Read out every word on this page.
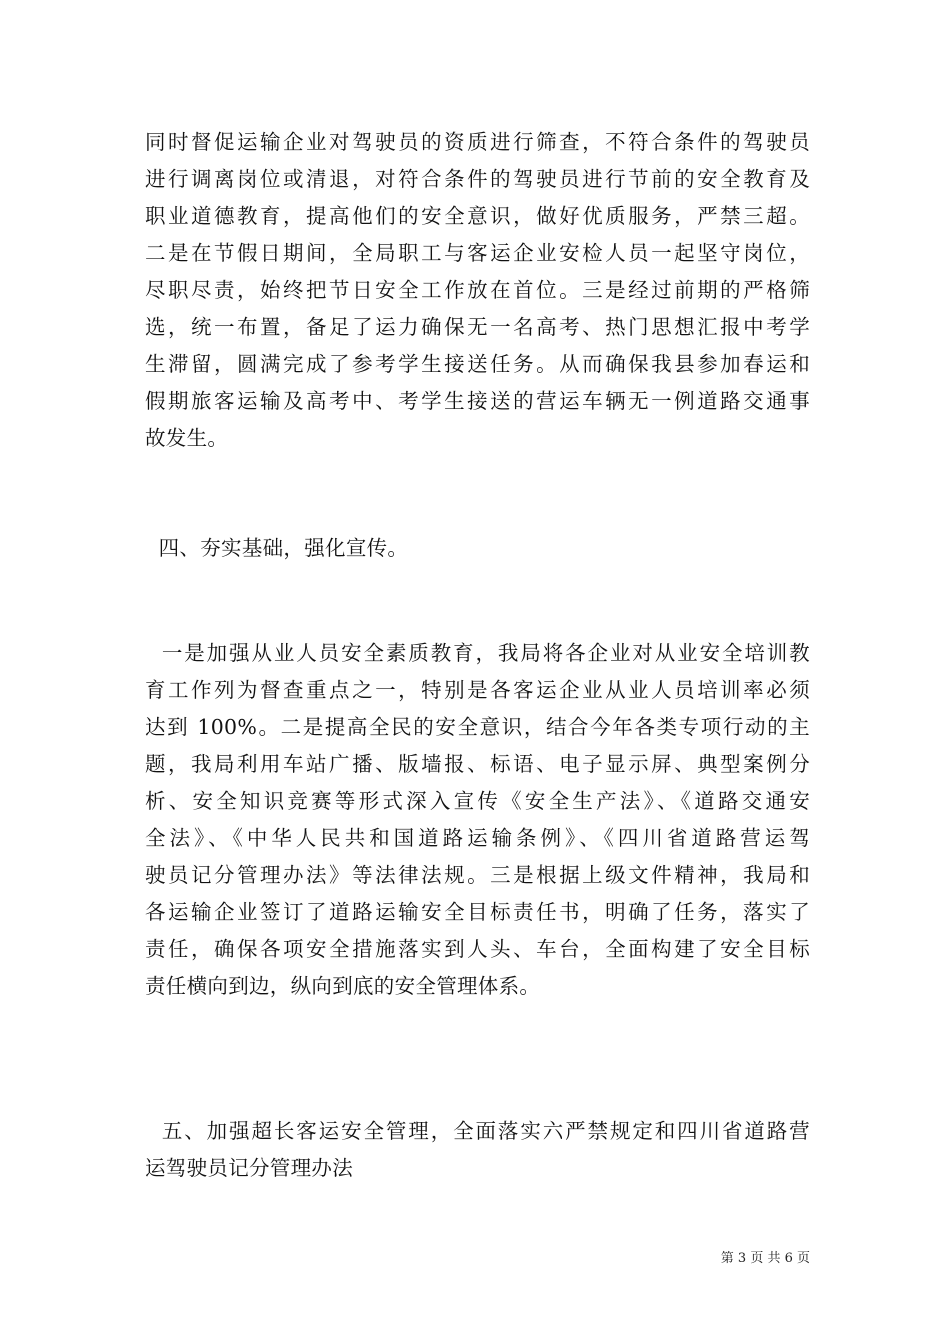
同时督促运输企业对驾驶员的资质进行筛查，不符合条件的驾驶员
进行调离岗位或清退，对符合条件的驾驶员进行节前的安全教育及
职业道德教育，提高他们的安全意识，做好优质服务，严禁三超。
二是在节假日期间，全局职工与客运企业安检人员一起坚守岗位，
尽职尽责，始终把节日安全工作放在首位。三是经过前期的严格筛
选，统一布置，备足了运力确保无一名高考、热门思想汇报中考学
生滞留，圆满完成了参考学生接送任务。从而确保我县参加春运和
假期旅客运输及高考中、考学生接送的营运车辆无一例道路交通事
故发生。
四、夯实基础，强化宣传。
一是加强从业人员安全素质教育，我局将各企业对从业安全培训教
育工作列为督查重点之一，特别是各客运企业从业人员培训率必须
达到 100%。二是提高全民的安全意识，结合今年各类专项行动的主
题，我局利用车站广播、版墙报、标语、电子显示屏、典型案例分
析、安全知识竞赛等形式深入宣传《安全生产法》、《道路交通安
全法》、《中华人民共和国道路运输条例》、《四川省道路营运驾
驶员记分管理办法》等法律法规。三是根据上级文件精神，我局和
各运输企业签订了道路运输安全目标责任书，明确了任务，落实了
责任，确保各项安全措施落实到人头、车台，全面构建了安全目标
责任横向到边，纵向到底的安全管理体系。
五、加强超长客运安全管理，全面落实六严禁规定和四川省道路营
运驾驶员记分管理办法
第 3 页 共 6 页
